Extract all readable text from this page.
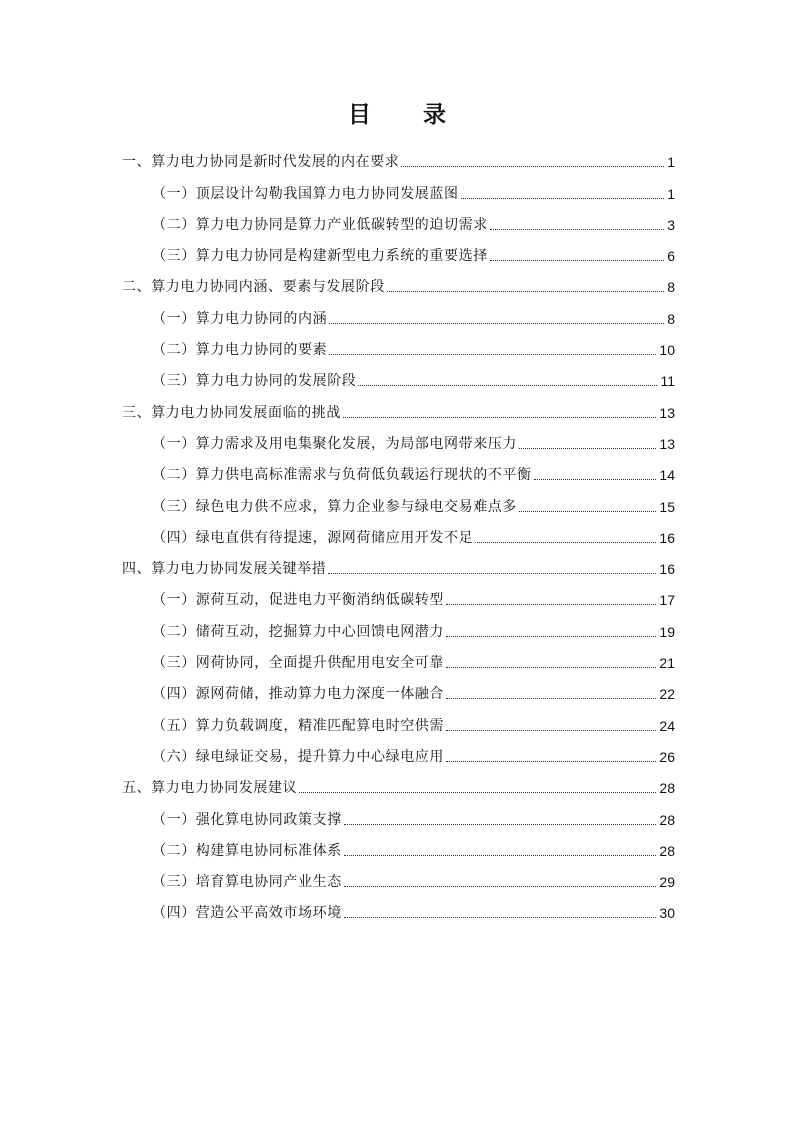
目 录
一、算力电力协同是新时代发展的内在要求	1
（一）顶层设计勾勒我国算力电力协同发展蓝图	1
（二）算力电力协同是算力产业低碳转型的迫切需求	3
（三）算力电力协同是构建新型电力系统的重要选择	6
二、算力电力协同内涵、要素与发展阶段	8
（一）算力电力协同的内涵	8
（二）算力电力协同的要素	10
（三）算力电力协同的发展阶段	11
三、算力电力协同发展面临的挑战	13
（一）算力需求及用电集聚化发展，为局部电网带来压力	13
（二）算力供电高标准需求与负荷低负载运行现状的不平衡	14
（三）绿色电力供不应求，算力企业参与绿电交易难点多	15
（四）绿电直供有待提速，源网荷储应用开发不足	16
四、算力电力协同发展关键举措	16
（一）源荷互动，促进电力平衡消纳低碳转型	17
（二）储荷互动，挖掘算力中心回馈电网潜力	19
（三）网荷协同，全面提升供配用电安全可靠	21
（四）源网荷储，推动算力电力深度一体融合	22
（五）算力负载调度，精准匹配算电时空供需	24
（六）绿电绿证交易，提升算力中心绿电应用	26
五、算力电力协同发展建议	28
（一）强化算电协同政策支撑	28
（二）构建算电协同标准体系	28
（三）培育算电协同产业生态	29
（四）营造公平高效市场环境	30
